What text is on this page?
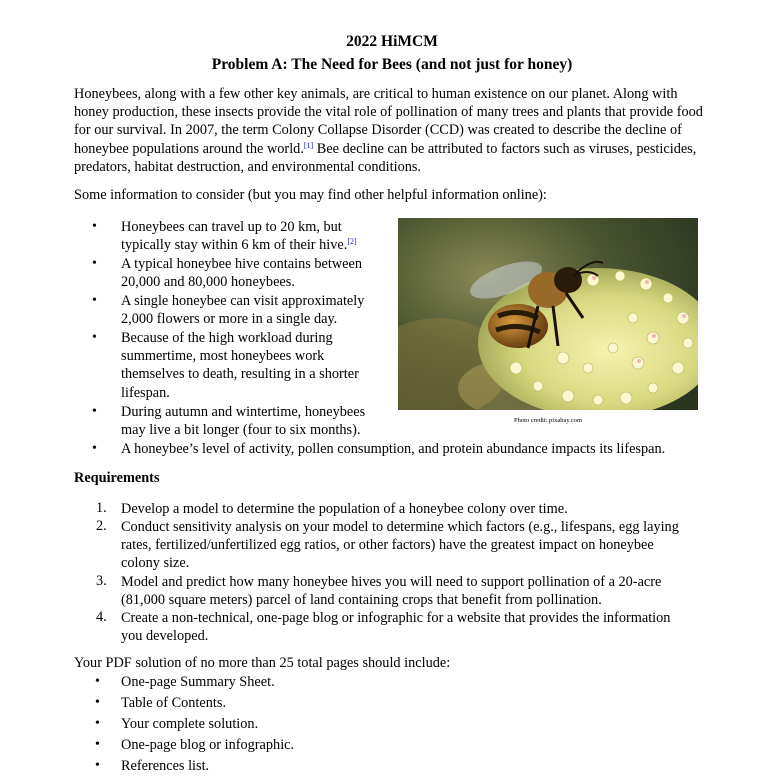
2022 HiMCM
Problem A: The Need for Bees (and not just for honey)
Honeybees, along with a few other key animals, are critical to human existence on our planet. Along with honey production, these insects provide the vital role of pollination of many trees and plants that provide food for our survival. In 2007, the term Colony Collapse Disorder (CCD) was created to describe the decline of honeybee populations around the world.[1] Bee decline can be attributed to factors such as viruses, pesticides, predators, habitat destruction, and environmental conditions.
Some information to consider (but you may find other helpful information online):
• Honeybees can travel up to 20 km, but
typically stay within 6 km of their hive.[2]
• A typical honeybee hive contains between
20,000 and 80,000 honeybees.
• A single honeybee can visit approximately
2,000 flowers or more in a single day.
• Because of the high workload during
summertime, most honeybees work
themselves to death, resulting in a shorter
lifespan.
• During autumn and wintertime, honeybees
may live a bit longer (four to six months).
• A honeybee’s level of activity, pollen consumption, and protein abundance impacts its lifespan.
Photo credit: pixabay.com
Requirements
1. Develop a model to determine the population of a honeybee colony over time.
2. Conduct sensitivity analysis on your model to determine which factors (e.g., lifespans, egg laying
rates, fertilized/unfertilized egg ratios, or other factors) have the greatest impact on honeybee
colony size.
3. Model and predict how many honeybee hives you will need to support pollination of a 20-acre
(81,000 square meters) parcel of land containing crops that benefit from pollination.
4. Create a non-technical, one-page blog or infographic for a website that provides the information
you developed.
Your PDF solution of no more than 25 total pages should include:
• One-page Summary Sheet.
• Table of Contents.
• Your complete solution.
• One-page blog or infographic.
• References list.
